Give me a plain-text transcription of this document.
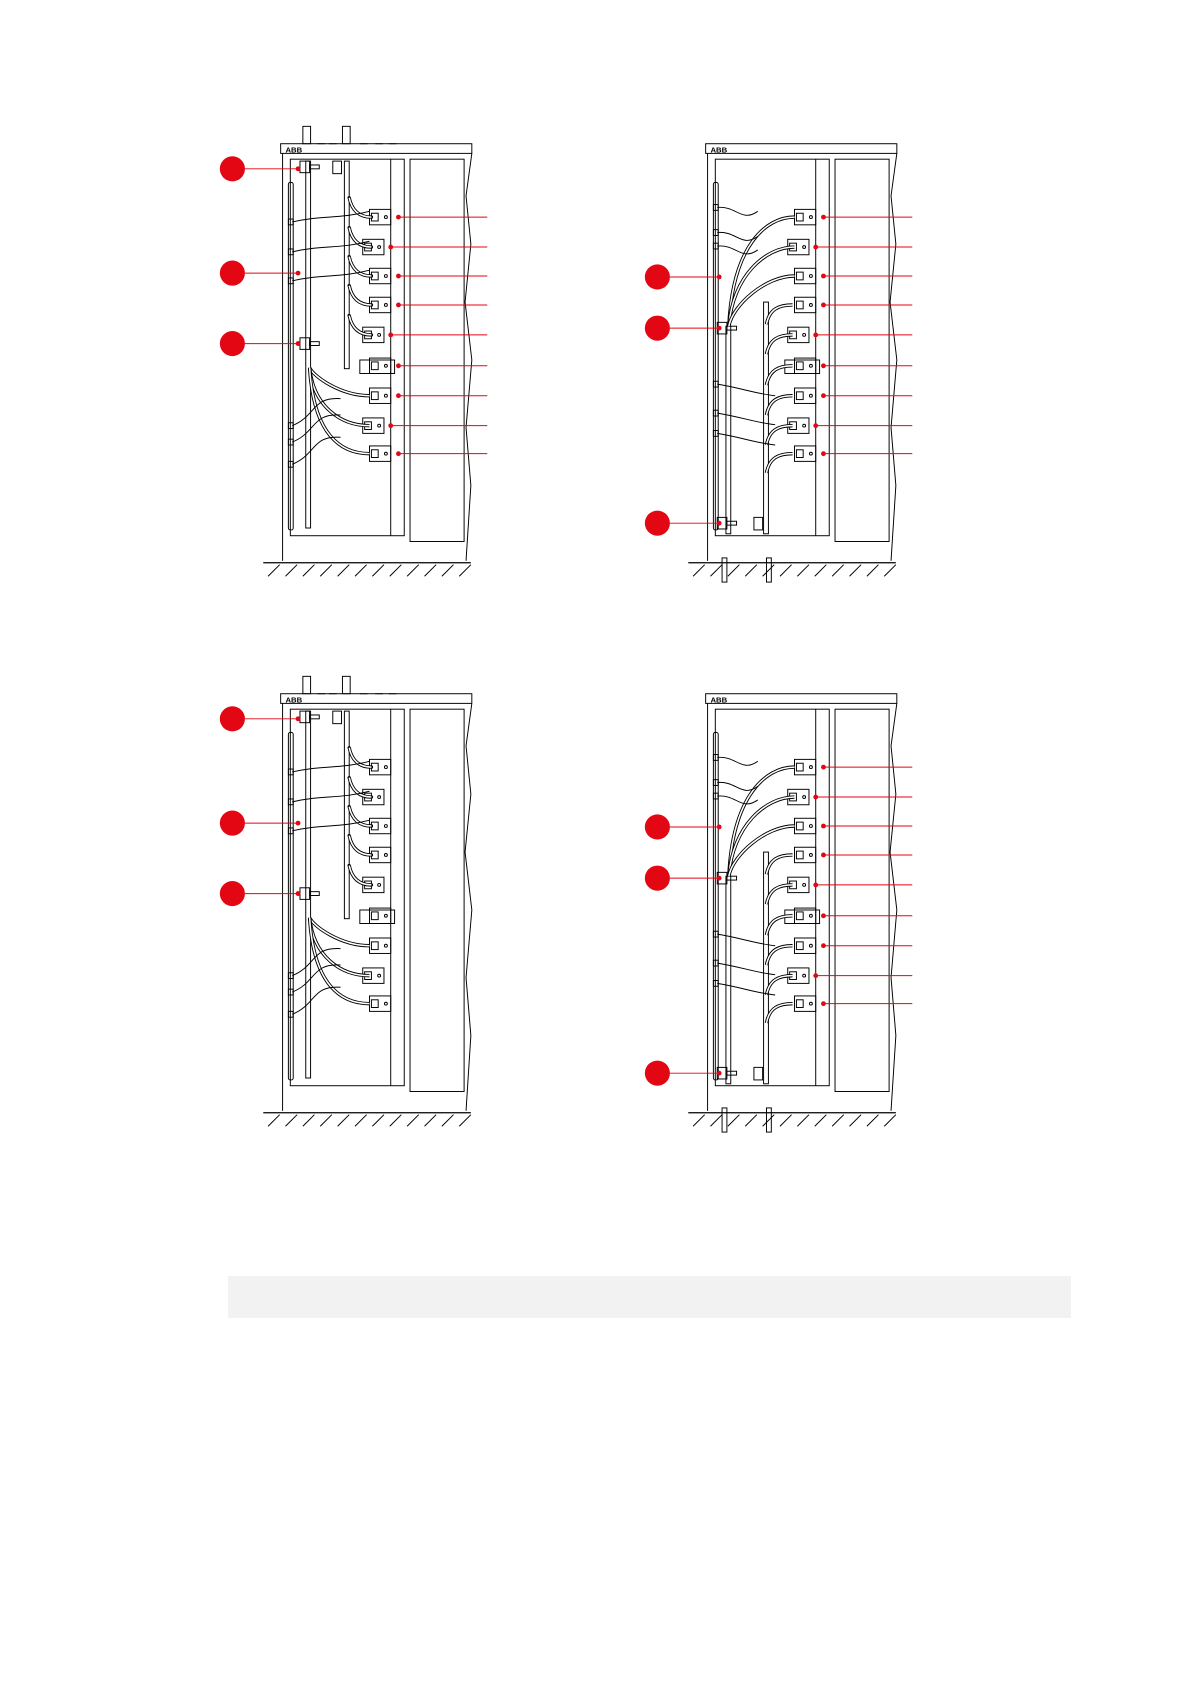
ABB	ABB
ABB	ABB
